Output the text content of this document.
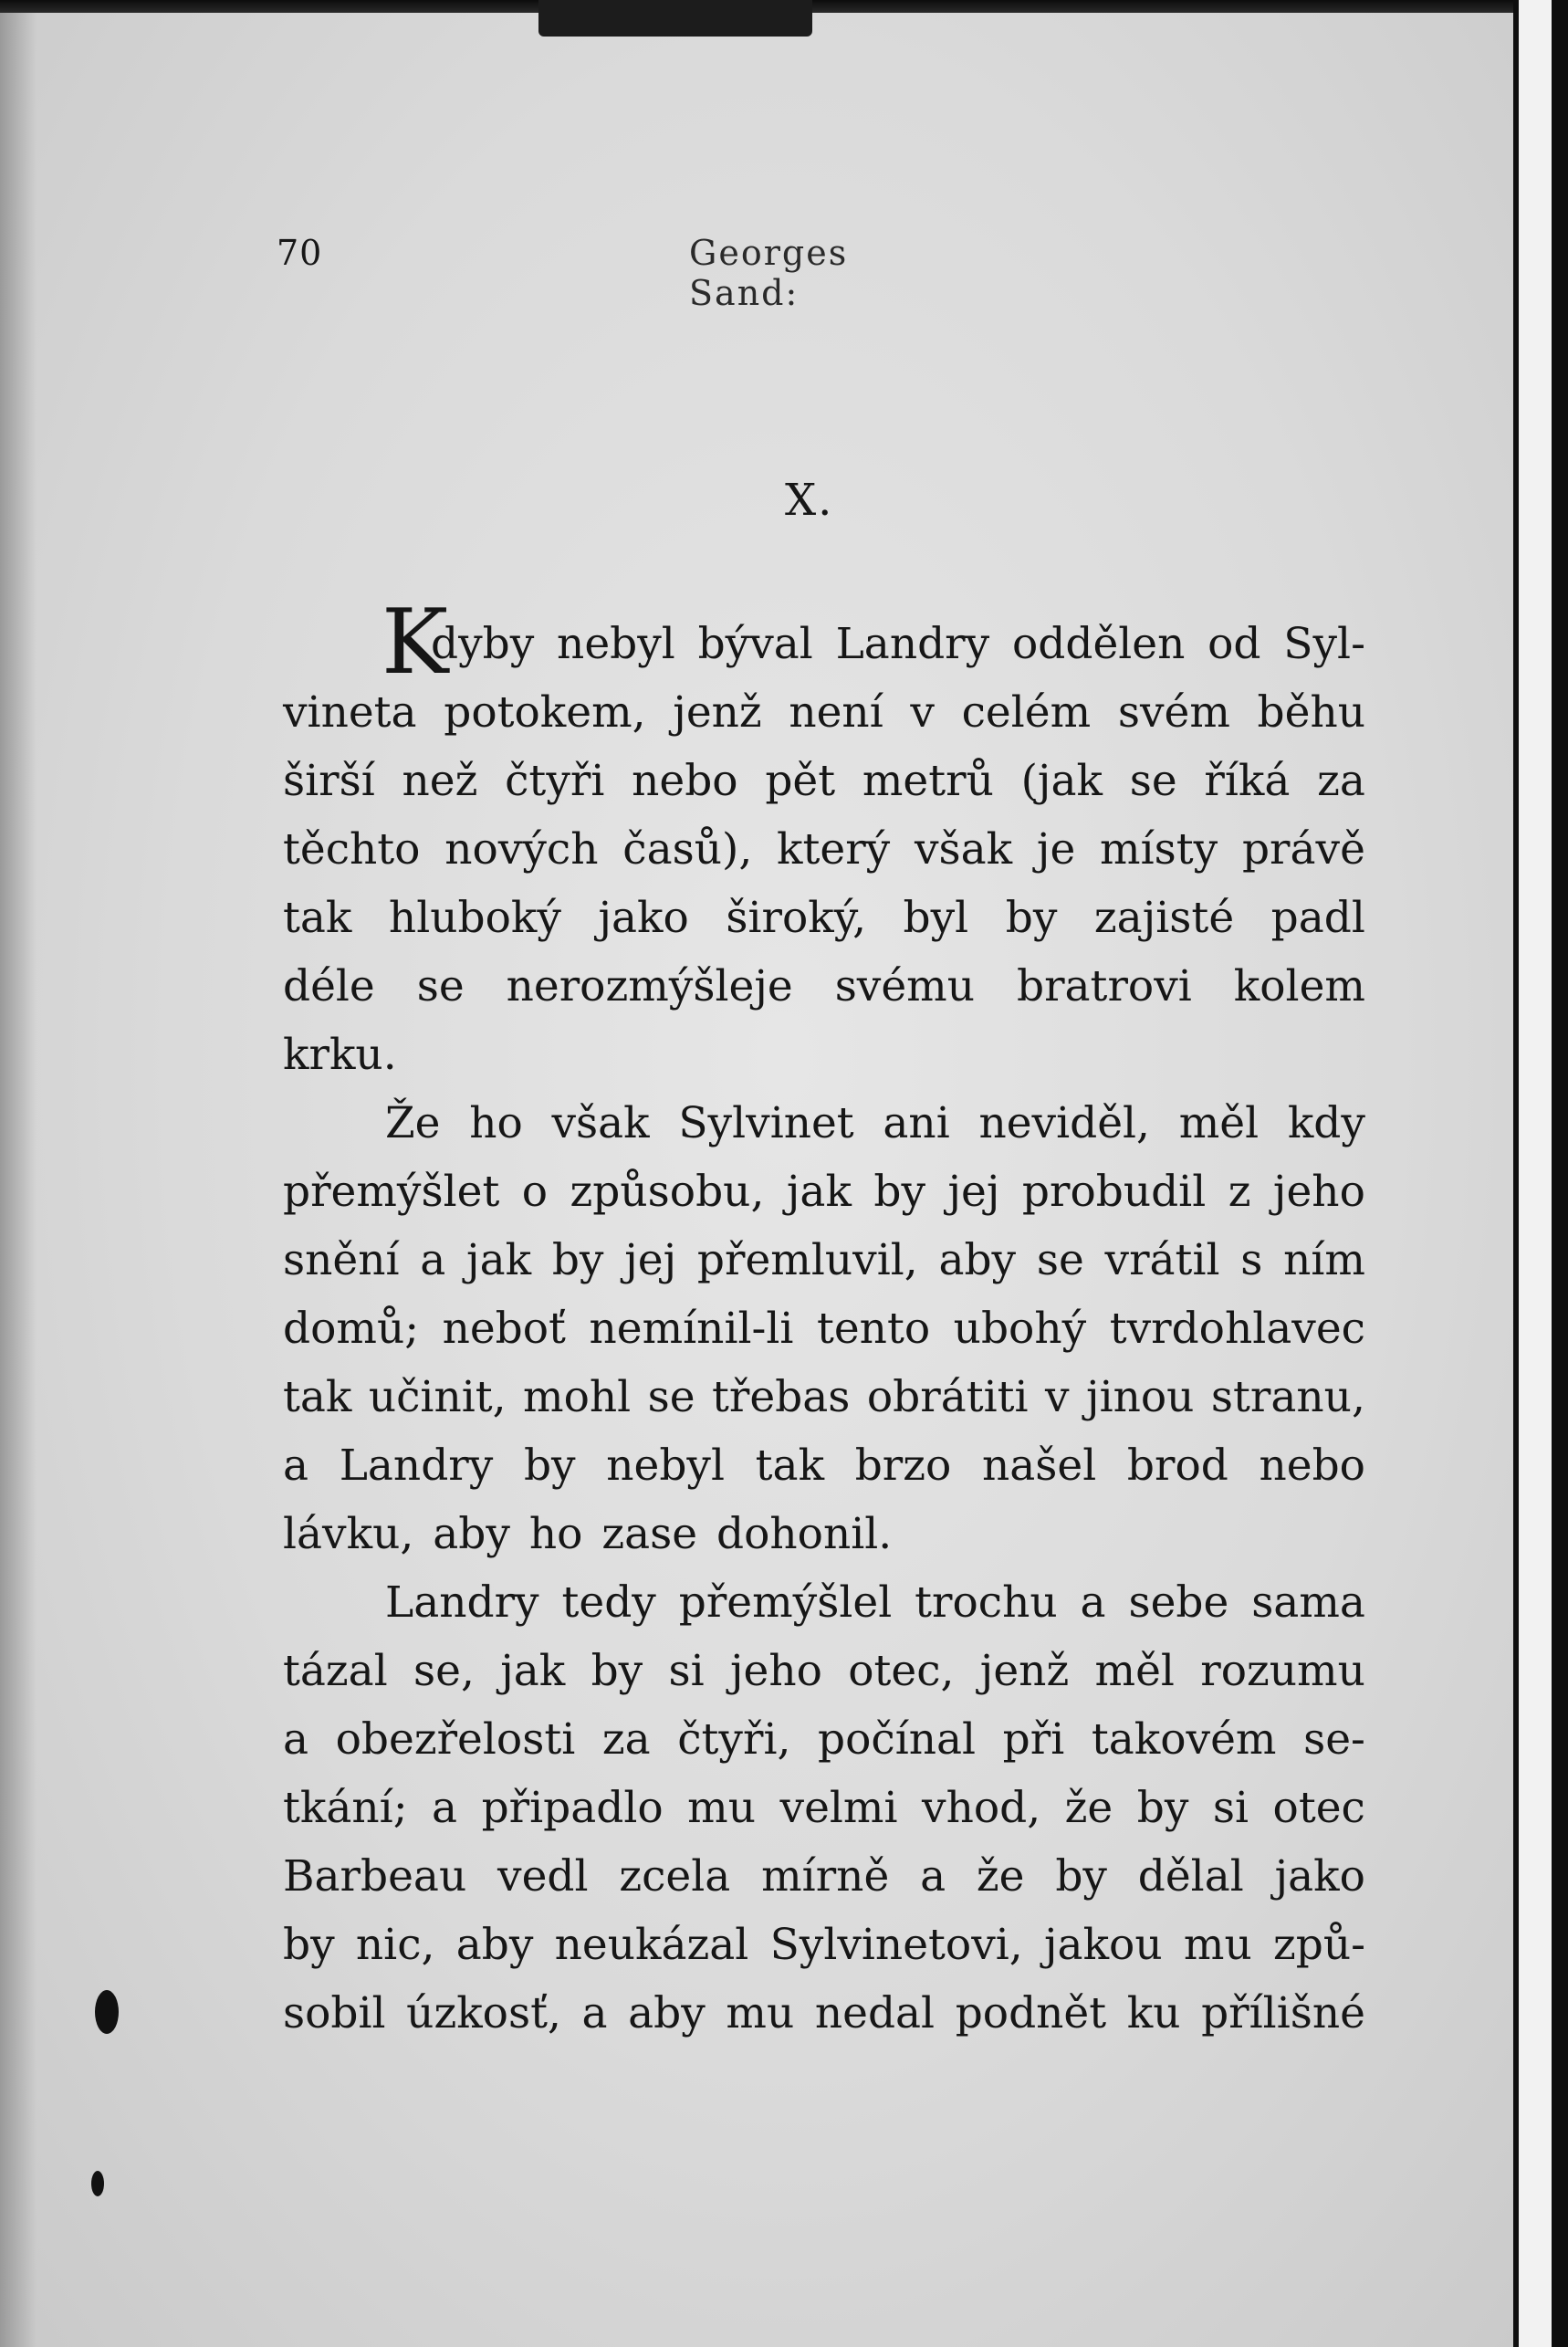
70	Georges Sand:
X.
K
dyby nebyl býval Landry oddělen od Syl-
vineta potokem, jenž není v celém svém běhu
širší než čtyři nebo pět metrů (jak se říká za
těchto nových časů), který však je místy právě
tak hluboký jako široký, byl by zajisté padl
déle se nerozmýšleje svému bratrovi kolem
krku.
Že ho však Sylvinet ani neviděl, měl kdy
přemýšlet o způsobu, jak by jej probudil z jeho
snění a jak by jej přemluvil, aby se vrátil s ním
domů; neboť nemínil-li tento ubohý tvrdohlavec
tak učinit, mohl se třebas obrátiti v jinou stranu,
a Landry by nebyl tak brzo našel brod nebo
lávku, aby ho zase dohonil.
Landry tedy přemýšlel trochu a sebe sama
tázal se, jak by si jeho otec, jenž měl rozumu
a obezřelosti za čtyři, počínal při takovém se-
tkání; a připadlo mu velmi vhod, že by si otec
Barbeau vedl zcela mírně a že by dělal jako
by nic, aby neukázal Sylvinetovi, jakou mu způ-
sobil úzkosť, a aby mu nedal podnět ku přílišné
